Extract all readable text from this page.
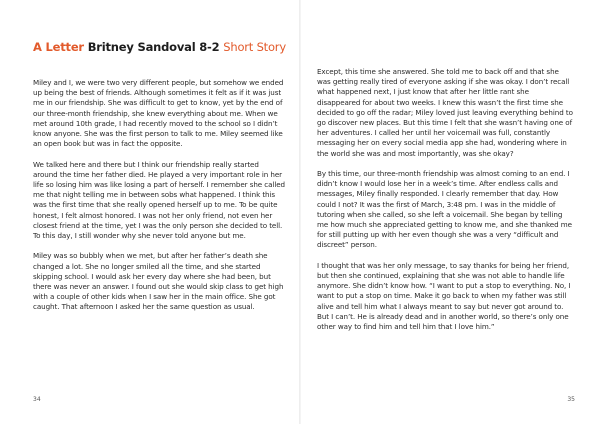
A Letter Britney Sandoval 8-2 Short Story

Miley and I, we were two very different people, but somehow we ended up being the best of friends. Although sometimes it felt as if it was just me in our friendship. She was difficult to get to know, yet by the end of our three-month friendship, she knew everything about me. When we met around 10th grade, I had recently moved to the school so I didn’t know anyone. She was the first person to talk to me. Miley seemed like an open book but was in fact the opposite.

We talked here and there but I think our friendship really started around the time her father died. He played a very important role in her life so losing him was like losing a part of herself. I remember she called me that night telling me in between sobs what happened. I think this was the first time that she really opened herself up to me. To be quite honest, I felt almost honored. I was not her only friend, not even her closest friend at the time, yet I was the only person she decided to tell. To this day, I still wonder why she never told anyone but me.

Miley was so bubbly when we met, but after her father’s death she changed a lot. She no longer smiled all the time, and she started skipping school. I would ask her every day where she had been, but there was never an answer. I found out she would skip class to get high with a couple of other kids when I saw her in the main office. She got caught. That afternoon I asked her the same question as usual.

34

Except, this time she answered. She told me to back off and that she was getting really tired of everyone asking if she was okay. I don’t recall what happened next, I just know that after her little rant she disappeared for about two weeks. I knew this wasn’t the first time she decided to go off the radar; Miley loved just leaving everything behind to go discover new places. But this time I felt that she wasn’t having one of her adventures. I called her until her voicemail was full, constantly messaging her on every social media app she had, wondering where in the world she was and most importantly, was she okay?

By this time, our three-month friendship was almost coming to an end. I didn’t know I would lose her in a week’s time. After endless calls and messages, Miley finally responded. I clearly remember that day. How could I not? It was the first of March, 3:48 pm. I was in the middle of tutoring when she called, so she left a voicemail. She began by telling me how much she appreciated getting to know me, and she thanked me for still putting up with her even though she was a very “difficult and discreet” person.

I thought that was her only message, to say thanks for being her friend, but then she continued, explaining that she was not able to handle life anymore. She didn’t know how. “I want to put a stop to everything. No, I want to put a stop on time. Make it go back to when my father was still alive and tell him what I always meant to say but never got around to. But I can’t. He is already dead and in another world, so there’s only one other way to find him and tell him that I love him.”

35
